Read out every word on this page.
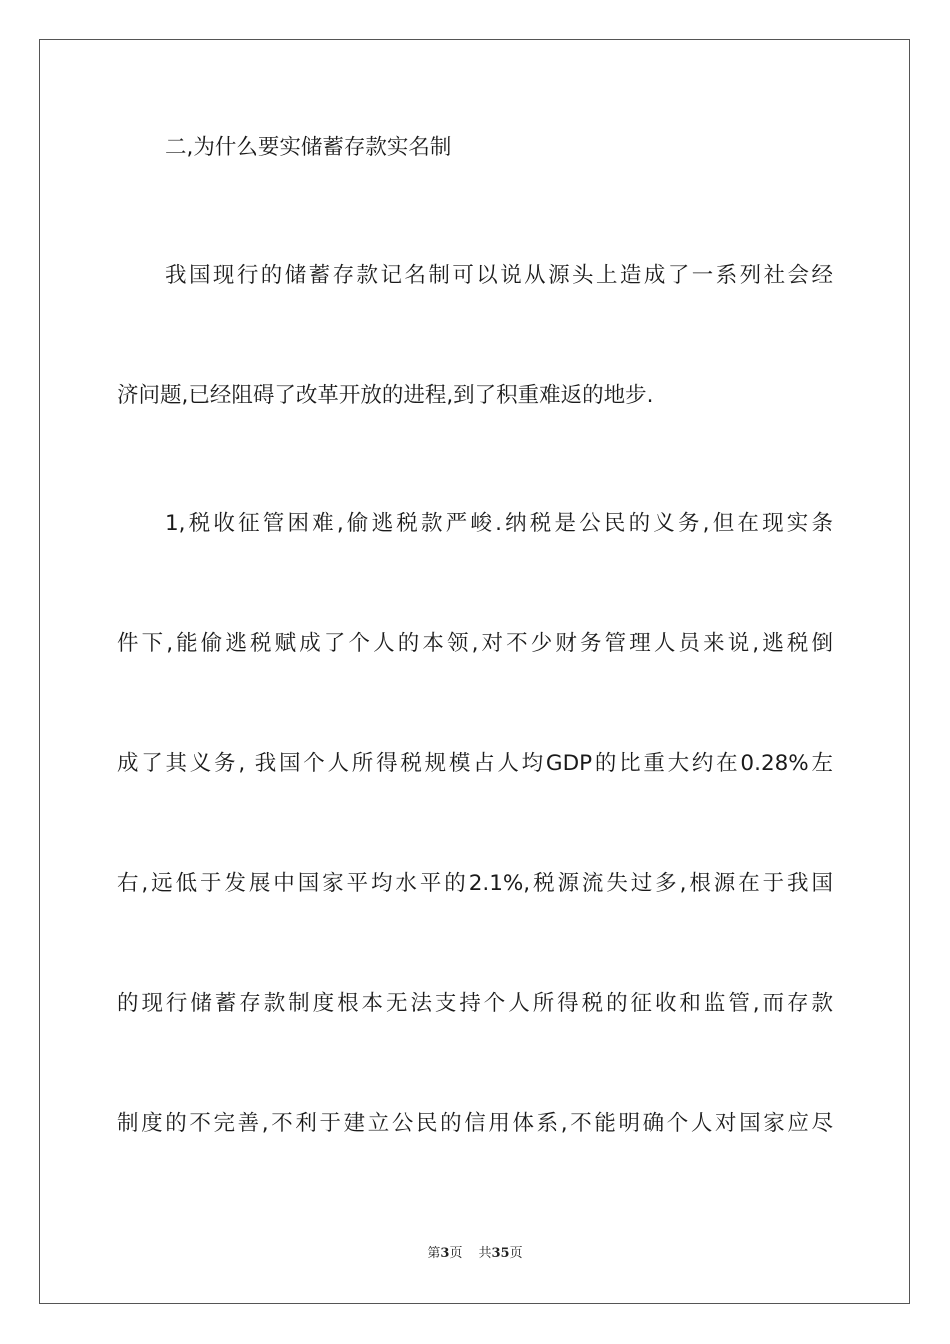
二,为什么要实储蓄存款实名制
我国现行的储蓄存款记名制可以说从源头上造成了一系列社会经
济问题,已经阻碍了改革开放的进程,到了积重难返的地步.
1,税收征管困难,偷逃税款严峻.纳税是公民的义务,但在现实条
件下,能偷逃税赋成了个人的本领,对不少财务管理人员来说,逃税倒
成了其义务, 我国个人所得税规模占人均GDP的比重大约在0.28%左
右,远低于发展中国家平均水平的2.1%,税源流失过多,根源在于我国
的现行储蓄存款制度根本无法支持个人所得税的征收和监管,而存款
制度的不完善,不利于建立公民的信用体系,不能明确个人对国家应尽
第3页 共35页
